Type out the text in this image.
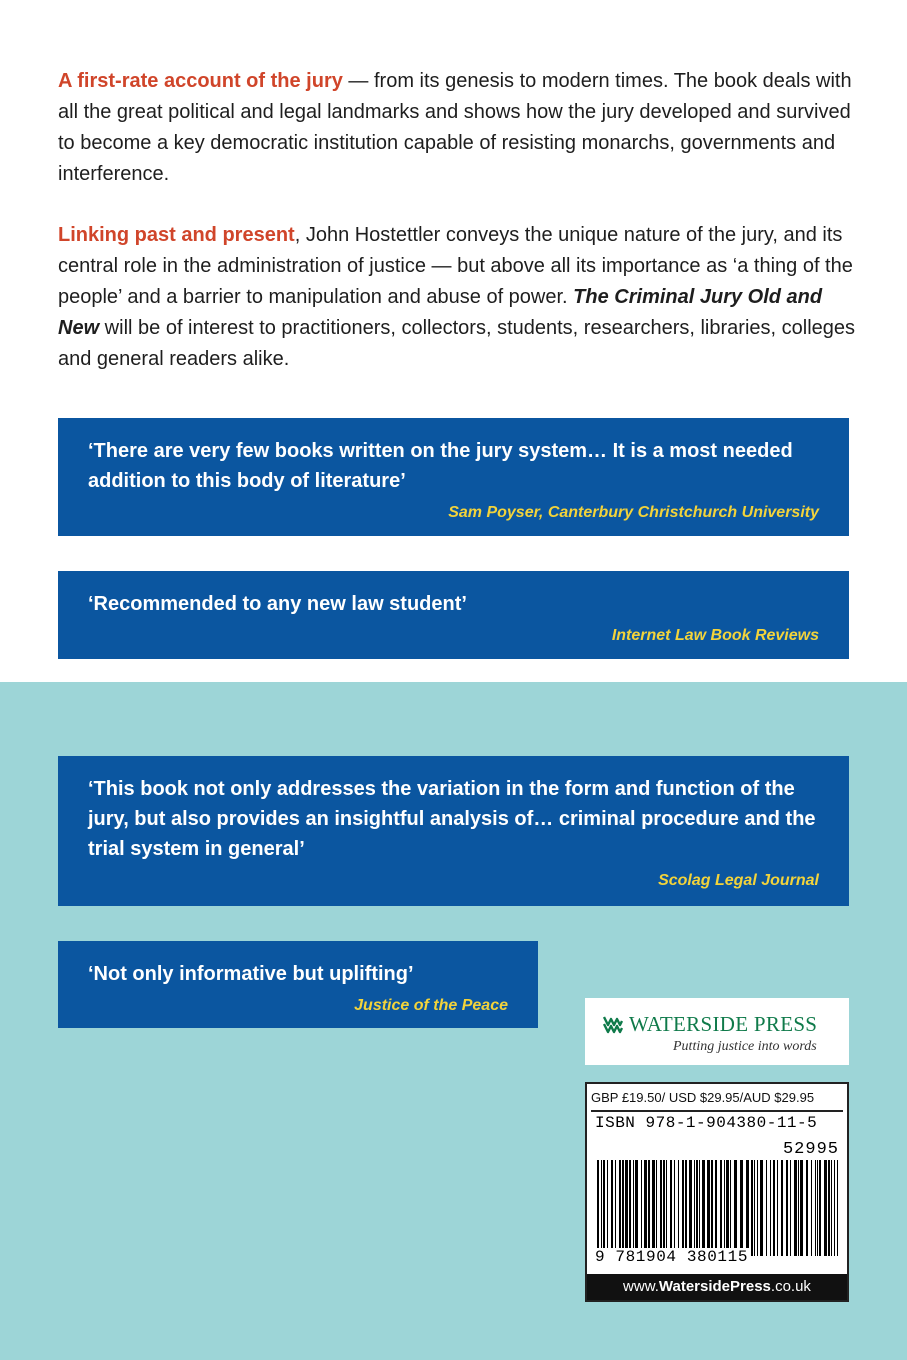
A first-rate account of the jury — from its genesis to modern times. The book deals with all the great political and legal landmarks and shows how the jury developed and survived to become a key democratic institution capable of resisting monarchs, governments and interference.

Linking past and present, John Hostettler conveys the unique nature of the jury, and its central role in the administration of justice — but above all its importance as ‘a thing of the people’ and a barrier to manipulation and abuse of power. The Criminal Jury Old and New will be of interest to practitioners, collectors, students, researchers, libraries, colleges and general readers alike.

‘There are very few books written on the jury system… It is a most needed addition to this body of literature’

Sam Poyser, Canterbury Christchurch University

‘Recommended to any new law student’

Internet Law Book Reviews

‘This book not only addresses the variation in the form and function of the jury, but also provides an insightful analysis of… criminal procedure and the trial system in general’

Scolag Legal Journal

‘Not only informative but uplifting’

Justice of the Peace
WATERSIDE PRESS
Putting justice into words
GBP £19.50/ USD $29.95/AUD $29.95
ISBN 978-1-904380-11-5
52995
9 781904 380115
www.WatersidePress.co.uk
